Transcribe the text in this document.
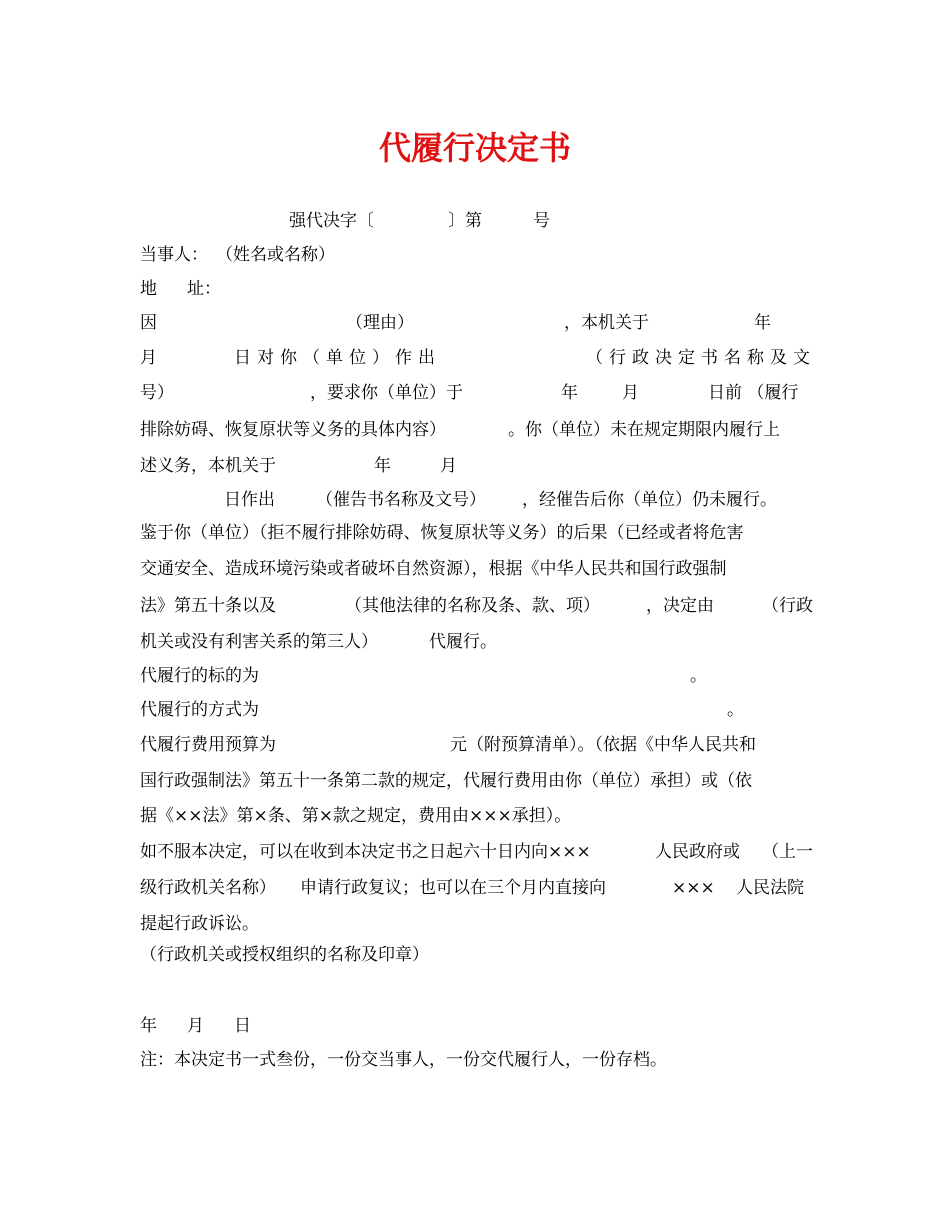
代履行决定书
强代决字〔	〕第	号
当事人： （姓名或名称）
地 址：
因	（理由）	，本机关于	年
月	日对你（单位）作出	（行政决定书名称及文
号）	，要求你（单位）于	年	月	日前 （履行
排除妨碍、恢复原状等义务的具体内容）	。你（单位）未在规定期限内履行上
述义务，本机关于	年	月
日作出 （催告书名称及文号） ，经催告后你（单位）仍未履行。
鉴于你（单位）（拒不履行排除妨碍、恢复原状等义务）的后果（已经或者将危害
交通安全、造成环境污染或者破坏自然资源），根据《中华人民共和国行政强制
法》第五十条以及	（其他法律的名称及条、款、项）	，决定由	（行政
机关或没有利害关系的第三人）	代履行。
代履行的标的为	。
代履行的方式为	。
代履行费用预算为	元（附预算清单）。（依据《中华人民共和
国行政强制法》第五十一条第二款的规定，代履行费用由你（单位）承担）或（依
据《××法》第×条、第×款之规定，费用由×××承担）。
如不服本决定，可以在收到本决定书之日起六十日内向×××	人民政府或 （上一
级行政机关名称） 申请行政复议；也可以在三个月内直接向	××× 人民法院
提起行政诉讼。
（行政机关或授权组织的名称及印章）
年 月 日
注：本决定书一式叁份，一份交当事人，一份交代履行人，一份存档。
